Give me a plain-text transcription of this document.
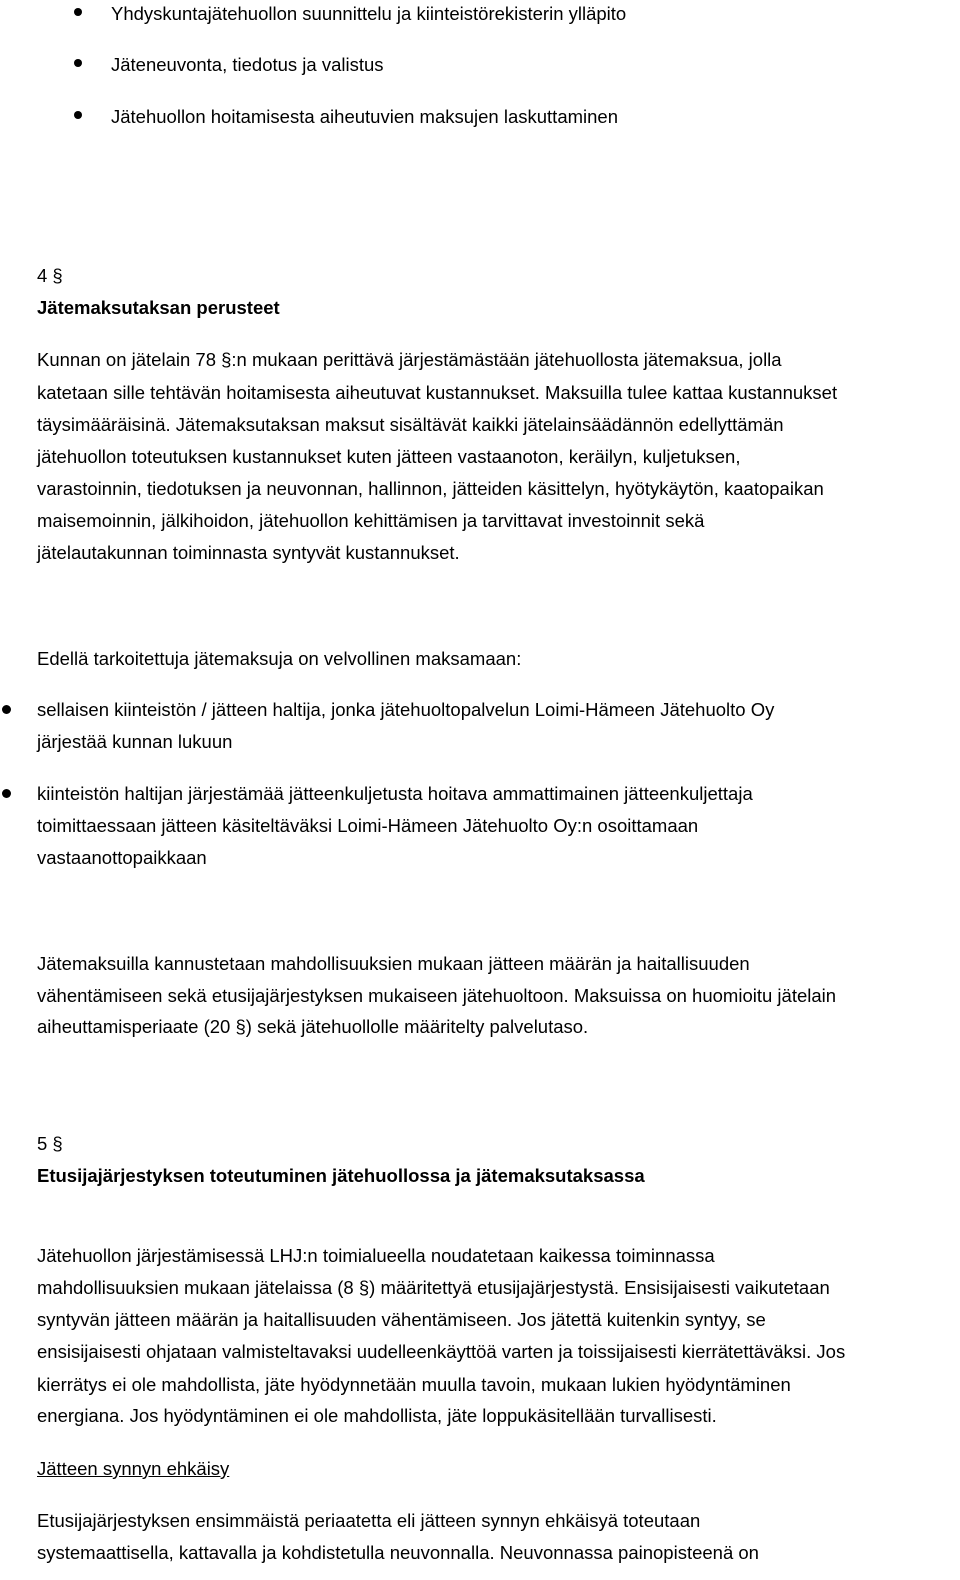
Yhdyskuntajätehuollon suunnittelu ja kiinteistörekisterin ylläpito
Jäteneuvonta, tiedotus ja valistus
Jätehuollon hoitamisesta aiheutuvien maksujen laskuttaminen
4 §
Jätemaksutaksan perusteet
Kunnan on jätelain 78 §:n mukaan perittävä järjestämästään jätehuollosta jätemaksua, jolla
katetaan sille tehtävän hoitamisesta aiheutuvat kustannukset. Maksuilla tulee kattaa kustannukset
täysimääräisinä. Jätemaksutaksan maksut sisältävät kaikki jätelainsäädännön edellyttämän
jätehuollon toteutuksen kustannukset kuten jätteen vastaanoton, keräilyn, kuljetuksen,
varastoinnin, tiedotuksen ja neuvonnan, hallinnon, jätteiden käsittelyn, hyötykäytön, kaatopaikan
maisemoinnin, jälkihoidon, jätehuollon kehittämisen ja tarvittavat investoinnit sekä
jätelautakunnan toiminnasta syntyvät kustannukset.
Edellä tarkoitettuja jätemaksuja on velvollinen maksamaan:
sellaisen kiinteistön / jätteen haltija, jonka jätehuoltopalvelun Loimi-Hämeen Jätehuolto Oy
järjestää kunnan lukuun
kiinteistön haltijan järjestämää jätteenkuljetusta hoitava ammattimainen jätteenkuljettaja
toimittaessaan jätteen käsiteltäväksi Loimi-Hämeen Jätehuolto Oy:n osoittamaan
vastaanottopaikkaan
Jätemaksuilla kannustetaan mahdollisuuksien mukaan jätteen määrän ja haitallisuuden
vähentämiseen sekä etusijajärjestyksen mukaiseen jätehuoltoon. Maksuissa on huomioitu jätelain
aiheuttamisperiaate (20 §) sekä jätehuollolle määritelty palvelutaso.
5 §
Etusijajärjestyksen toteutuminen jätehuollossa ja jätemaksutaksassa
Jätehuollon järjestämisessä LHJ:n toimialueella noudatetaan kaikessa toiminnassa
mahdollisuuksien mukaan jätelaissa (8 §) määritettyä etusijajärjestystä. Ensisijaisesti vaikutetaan
syntyvän jätteen määrän ja haitallisuuden vähentämiseen. Jos jätettä kuitenkin syntyy, se
ensisijaisesti ohjataan valmisteltavaksi uudelleenkäyttöä varten ja toissijaisesti kierrätettäväksi. Jos
kierrätys ei ole mahdollista, jäte hyödynnetään muulla tavoin, mukaan lukien hyödyntäminen
energiana. Jos hyödyntäminen ei ole mahdollista, jäte loppukäsitellään turvallisesti.
Jätteen synnyn ehkäisy
Etusijajärjestyksen ensimmäistä periaatetta eli jätteen synnyn ehkäisyä toteutaan
systemaattisella, kattavalla ja kohdistetulla neuvonnalla. Neuvonnassa painopisteenä on
